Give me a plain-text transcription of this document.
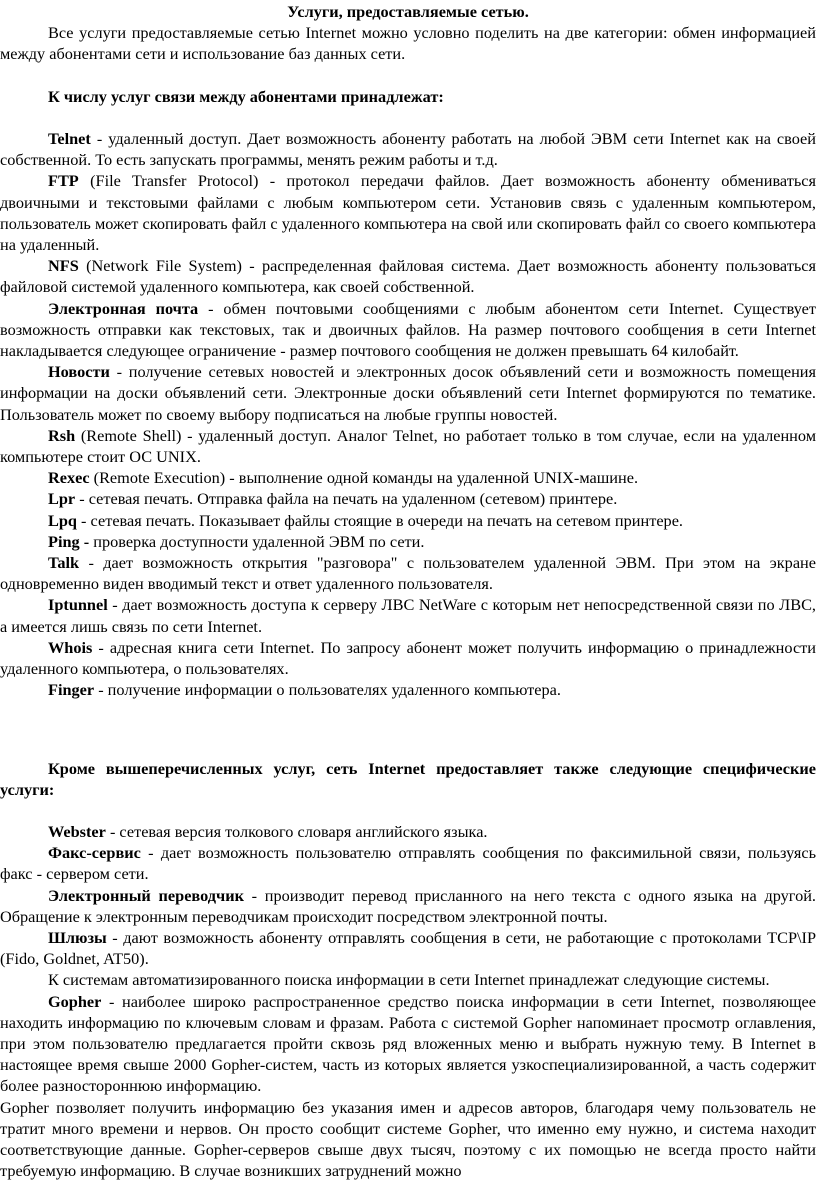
Услуги, предоставляемые сетью.

Все услуги предоставляемые сетью Internet можно условно поделить на две категории: обмен информацией между абонентами сети и использование баз данных сети.

К числу услуг связи между абонентами принадлежат:

Telnet - удаленный доступ. Дает возможность абоненту работать на любой ЭВМ сети Internet как на своей собственной. То есть запускать программы, менять режим работы и т.д.

FTP (File Transfer Protocol) - протокол передачи файлов. Дает возможность абоненту обмениваться двоичными и текстовыми файлами с любым компьютером сети. Установив связь с удаленным компьютером, пользователь может скопировать файл с удаленного компьютера на свой или скопировать файл со своего компьютера на удаленный.

NFS (Network File System) - распределенная файловая система. Дает возможность абоненту пользоваться файловой системой удаленного компьютера, как своей собственной.

Электронная почта - обмен почтовыми сообщениями с любым абонентом сети Internet. Существует возможность отправки как текстовых, так и двоичных файлов. На размер почтового сообщения в сети Internet накладывается следующее ограничение - размер почтового сообщения не должен превышать 64 килобайт.

Новости - получение сетевых новостей и электронных досок объявлений сети и возможность помещения информации на доски объявлений сети. Электронные доски объявлений сети Internet формируются по тематике. Пользователь может по своему выбору подписаться на любые группы новостей.

Rsh (Remote Shell) - удаленный доступ. Аналог Telnet, но работает только в том случае, если на удаленном компьютере стоит ОС UNIX.

Rexec (Remote Execution) - выполнение одной команды на удаленной UNIX-машине.

Lpr - сетевая печать. Отправка файла на печать на удаленном (сетевом) принтере.

Lpq - сетевая печать. Показывает файлы стоящие в очереди на печать на сетевом принтере.

Ping - проверка доступности удаленной ЭВМ по сети.

Talk - дает возможность открытия "разговора" с пользователем удаленной ЭВМ. При этом на экране одновременно виден вводимый текст и ответ удаленного пользователя.

Iptunnel - дает возможность доступа к серверу ЛВС NetWare с которым нет непосредственной связи по ЛВС, а имеется лишь связь по сети Internet.

Whois - адресная книга сети Internet. По запросу абонент может получить информацию о принадлежности удаленного компьютера, о пользователях.

Finger - получение информации о пользователях удаленного компьютера.

Кроме вышеперечисленных услуг, сеть Internet предоставляет также следующие специфические услуги:

Webster - сетевая версия толкового словаря английского языка.

Факс-сервис - дает возможность пользователю отправлять сообщения по факсимильной связи, пользуясь факс - сервером сети.

Электронный переводчик - производит перевод присланного на него текста с одного языка на другой. Обращение к электронным переводчикам происходит посредством электронной почты.

Шлюзы - дают возможность абоненту отправлять сообщения в сети, не работающие с протоколами TCP\IP (Fido, Goldnet, AT50).

К системам автоматизированного поиска информации в сети Internet принадлежат следующие системы.

Gopher - наиболее широко распространенное средство поиска информации в сети Internet, позволяющее находить информацию по ключевым словам и фразам. Работа с системой Gopher напоминает просмотр оглавления, при этом пользователю предлагается пройти сквозь ряд вложенных меню и выбрать нужную тему. В Internet в настоящее время свыше 2000 Gopher-систем, часть из которых является узкоспециализированной, а часть содержит более разностороннюю информацию.

Gopher позволяет получить информацию без указания имен и адресов авторов, благодаря чему пользователь не тратит много времени и нервов. Он просто сообщит системе Gopher, что именно ему нужно, и система находит соответствующие данные. Gopher-серверов свыше двух тысяч, поэтому с их помощью не всегда просто найти требуемую информацию. В случае возникших затруднений можно
